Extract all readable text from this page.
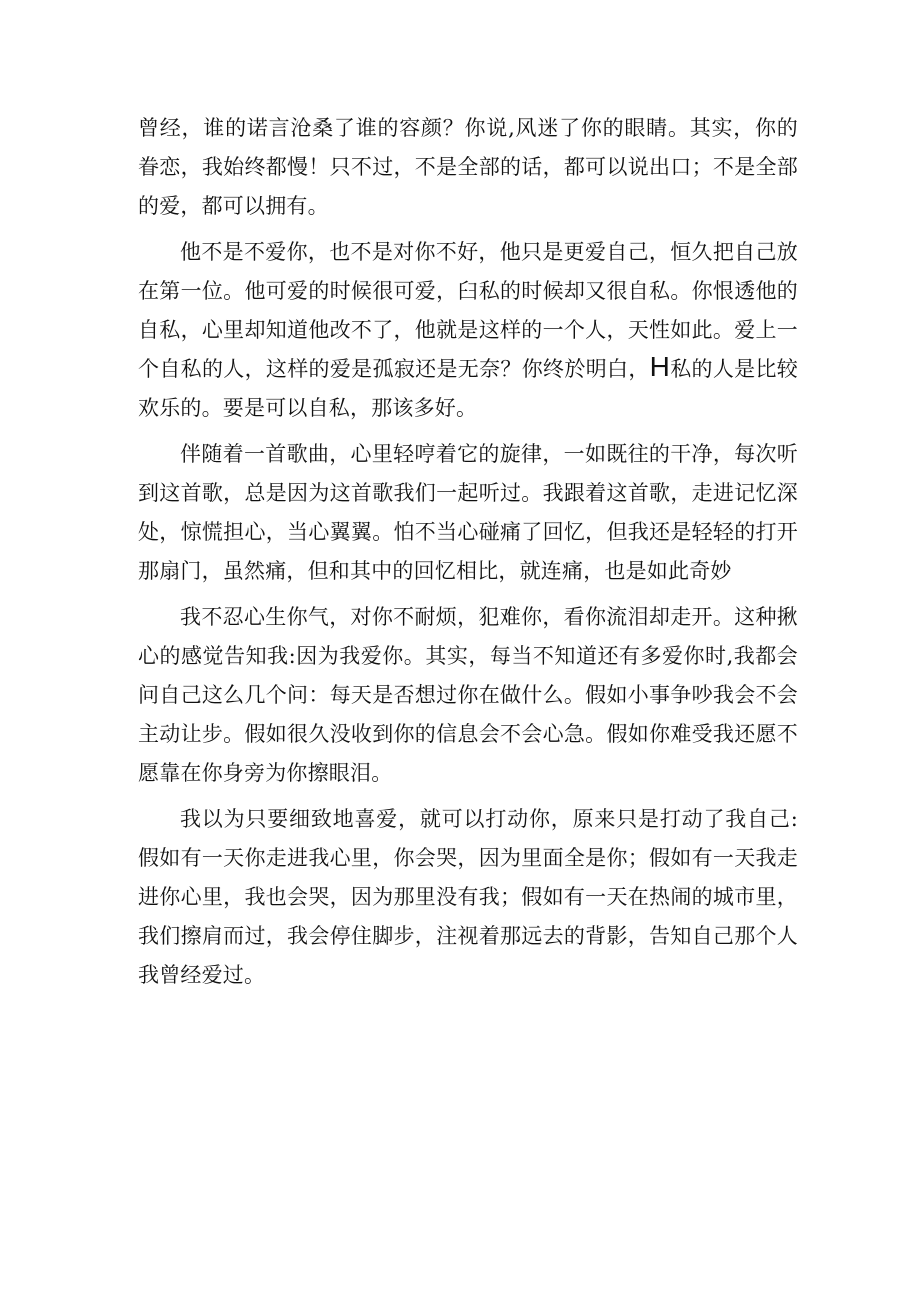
曾经，谁的诺言沧桑了谁的容颜？你说,风迷了你的眼睛。其实，你的眷恋，我始终都慢！只不过，不是全部的话，都可以说出口；不是全部的爱，都可以拥有。

他不是不爱你，也不是对你不好，他只是更爱自己，恒久把自己放在第一位。他可爱的时候很可爱，臼私的时候却又很自私。你恨透他的自私，心里却知道他改不了，他就是这样的一个人，天性如此。爱上一个自私的人，这样的爱是孤寂还是无奈？你终於明白，H私的人是比较欢乐的。要是可以自私，那该多好。

伴随着一首歌曲，心里轻哼着它的旋律，一如既往的干净，每次听到这首歌，总是因为这首歌我们一起听过。我跟着这首歌，走进记忆深处，惊慌担心，当心翼翼。怕不当心碰痛了回忆，但我还是轻轻的打开那扇门，虽然痛，但和其中的回忆相比，就连痛，也是如此奇妙

我不忍心生你气，对你不耐烦，犯难你，看你流泪却走开。这种揪心的感觉告知我:因为我爱你。其实，每当不知道还有多爱你时,我都会问自己这么几个问：每天是否想过你在做什么。假如小事争吵我会不会主动让步。假如很久没收到你的信息会不会心急。假如你难受我还愿不愿靠在你身旁为你擦眼泪。

我以为只要细致地喜爱，就可以打动你，原来只是打动了我自己:假如有一天你走进我心里，你会哭，因为里面全是你；假如有一天我走进你心里，我也会哭，因为那里没有我；假如有一天在热闹的城市里，我们擦肩而过，我会停住脚步，注视着那远去的背影，告知自己那个人我曾经爱过。
